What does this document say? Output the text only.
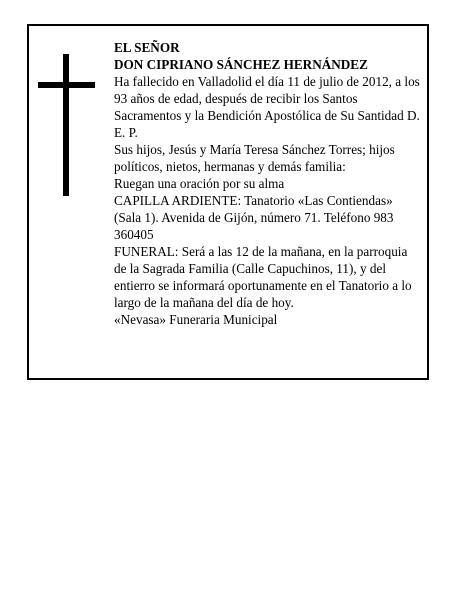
EL SEÑOR

DON CIPRIANO SÁNCHEZ HERNÁNDEZ

Ha fallecido en Valladolid el día 11 de julio de 2012, a los 93 años de edad, después de recibir los Santos Sacramentos y la Bendición Apostólica de Su Santidad D. E. P.

Sus hijos, Jesús y María Teresa Sánchez Torres; hijos políticos, nietos, hermanas y demás familia:

Ruegan una oración por su alma

CAPILLA ARDIENTE: Tanatorio «Las Contiendas» (Sala 1). Avenida de Gijón, número 71. Teléfono 983 360405

FUNERAL: Será a las 12 de la mañana, en la parroquia de la Sagrada Familia (Calle Capuchinos, 11), y del entierro se informará oportunamente en el Tanatorio a lo largo de la mañana del día de hoy.

«Nevasa» Funeraria Municipal
